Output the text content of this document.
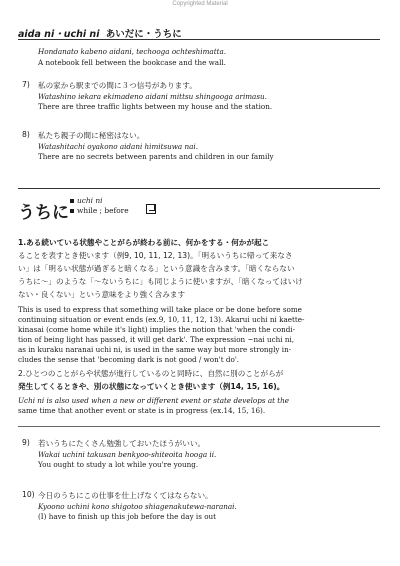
Copyrighted Material
aida ni・uchi ni あいだに・うちに
Hondanato kabeno aidani, techooga ochteshimatta.
A notebook fell between the bookcase and the wall.
7) 私の家から駅までの間に３つ信号があります。
Watashino iekara ekimadeno aidani mittsu shingooga arimasu.
There are three traffic lights between my house and the station.
8) 私たち親子の間に秘密はない。
Watashitachi oyakono aidani himitsuwa nai.
There are no secrets between parents and children in our family
うちに
uchi ni
while ; before
1.ある続いている状態やことがらが終わる前に、何かをする・何かが起こ
ることを表すとき使います（例9, 10, 11, 12, 13)。「明るいうちに帰って来なさ
い」は「明るい状態が過ぎると暗くなる」という意識を含みます。「暗くならない
うちに〜」のような「〜ないうちに」も同じように使いますが、「暗くなってはいけ
ない・良くない」という意味をより強く含みます
This is used to express that something will take place or be done before some
continuing situation or event ends (ex.9, 10, 11, 12, 13). Akarui uchi ni kaette-
kinasai (come home while it's light) implies the notion that 'when the condi-
tion of being light has passed, it will get dark'. The expression ~nai uchi ni,
as in kuraku naranai uchi ni, is used in the same way but more strongly in-
cludes the sense that 'becoming dark is not good / won't do'.
2.ひとつのことがらや状態が進行しているのと同時に、自然に別のことがらが
発生してくるときや、別の状態になっていくとき使います（例14, 15, 16)。
Uchi ni is also used when a new or different event or state develops at the
same time that another event or state is in progress (ex.14, 15, 16).
9) 若いうちにたくさん勉強しておいたほうがいい。
Wakai uchini takusan benkyoo-shiteoita hooga ii.
You ought to study a lot while you're young.
10) 今日のうちにこの仕事を仕上げなくてはならない。
Kyoono uchini kono shigotoo shiagenakutewa-naranai.
(I) have to finish up this job before the day is out
